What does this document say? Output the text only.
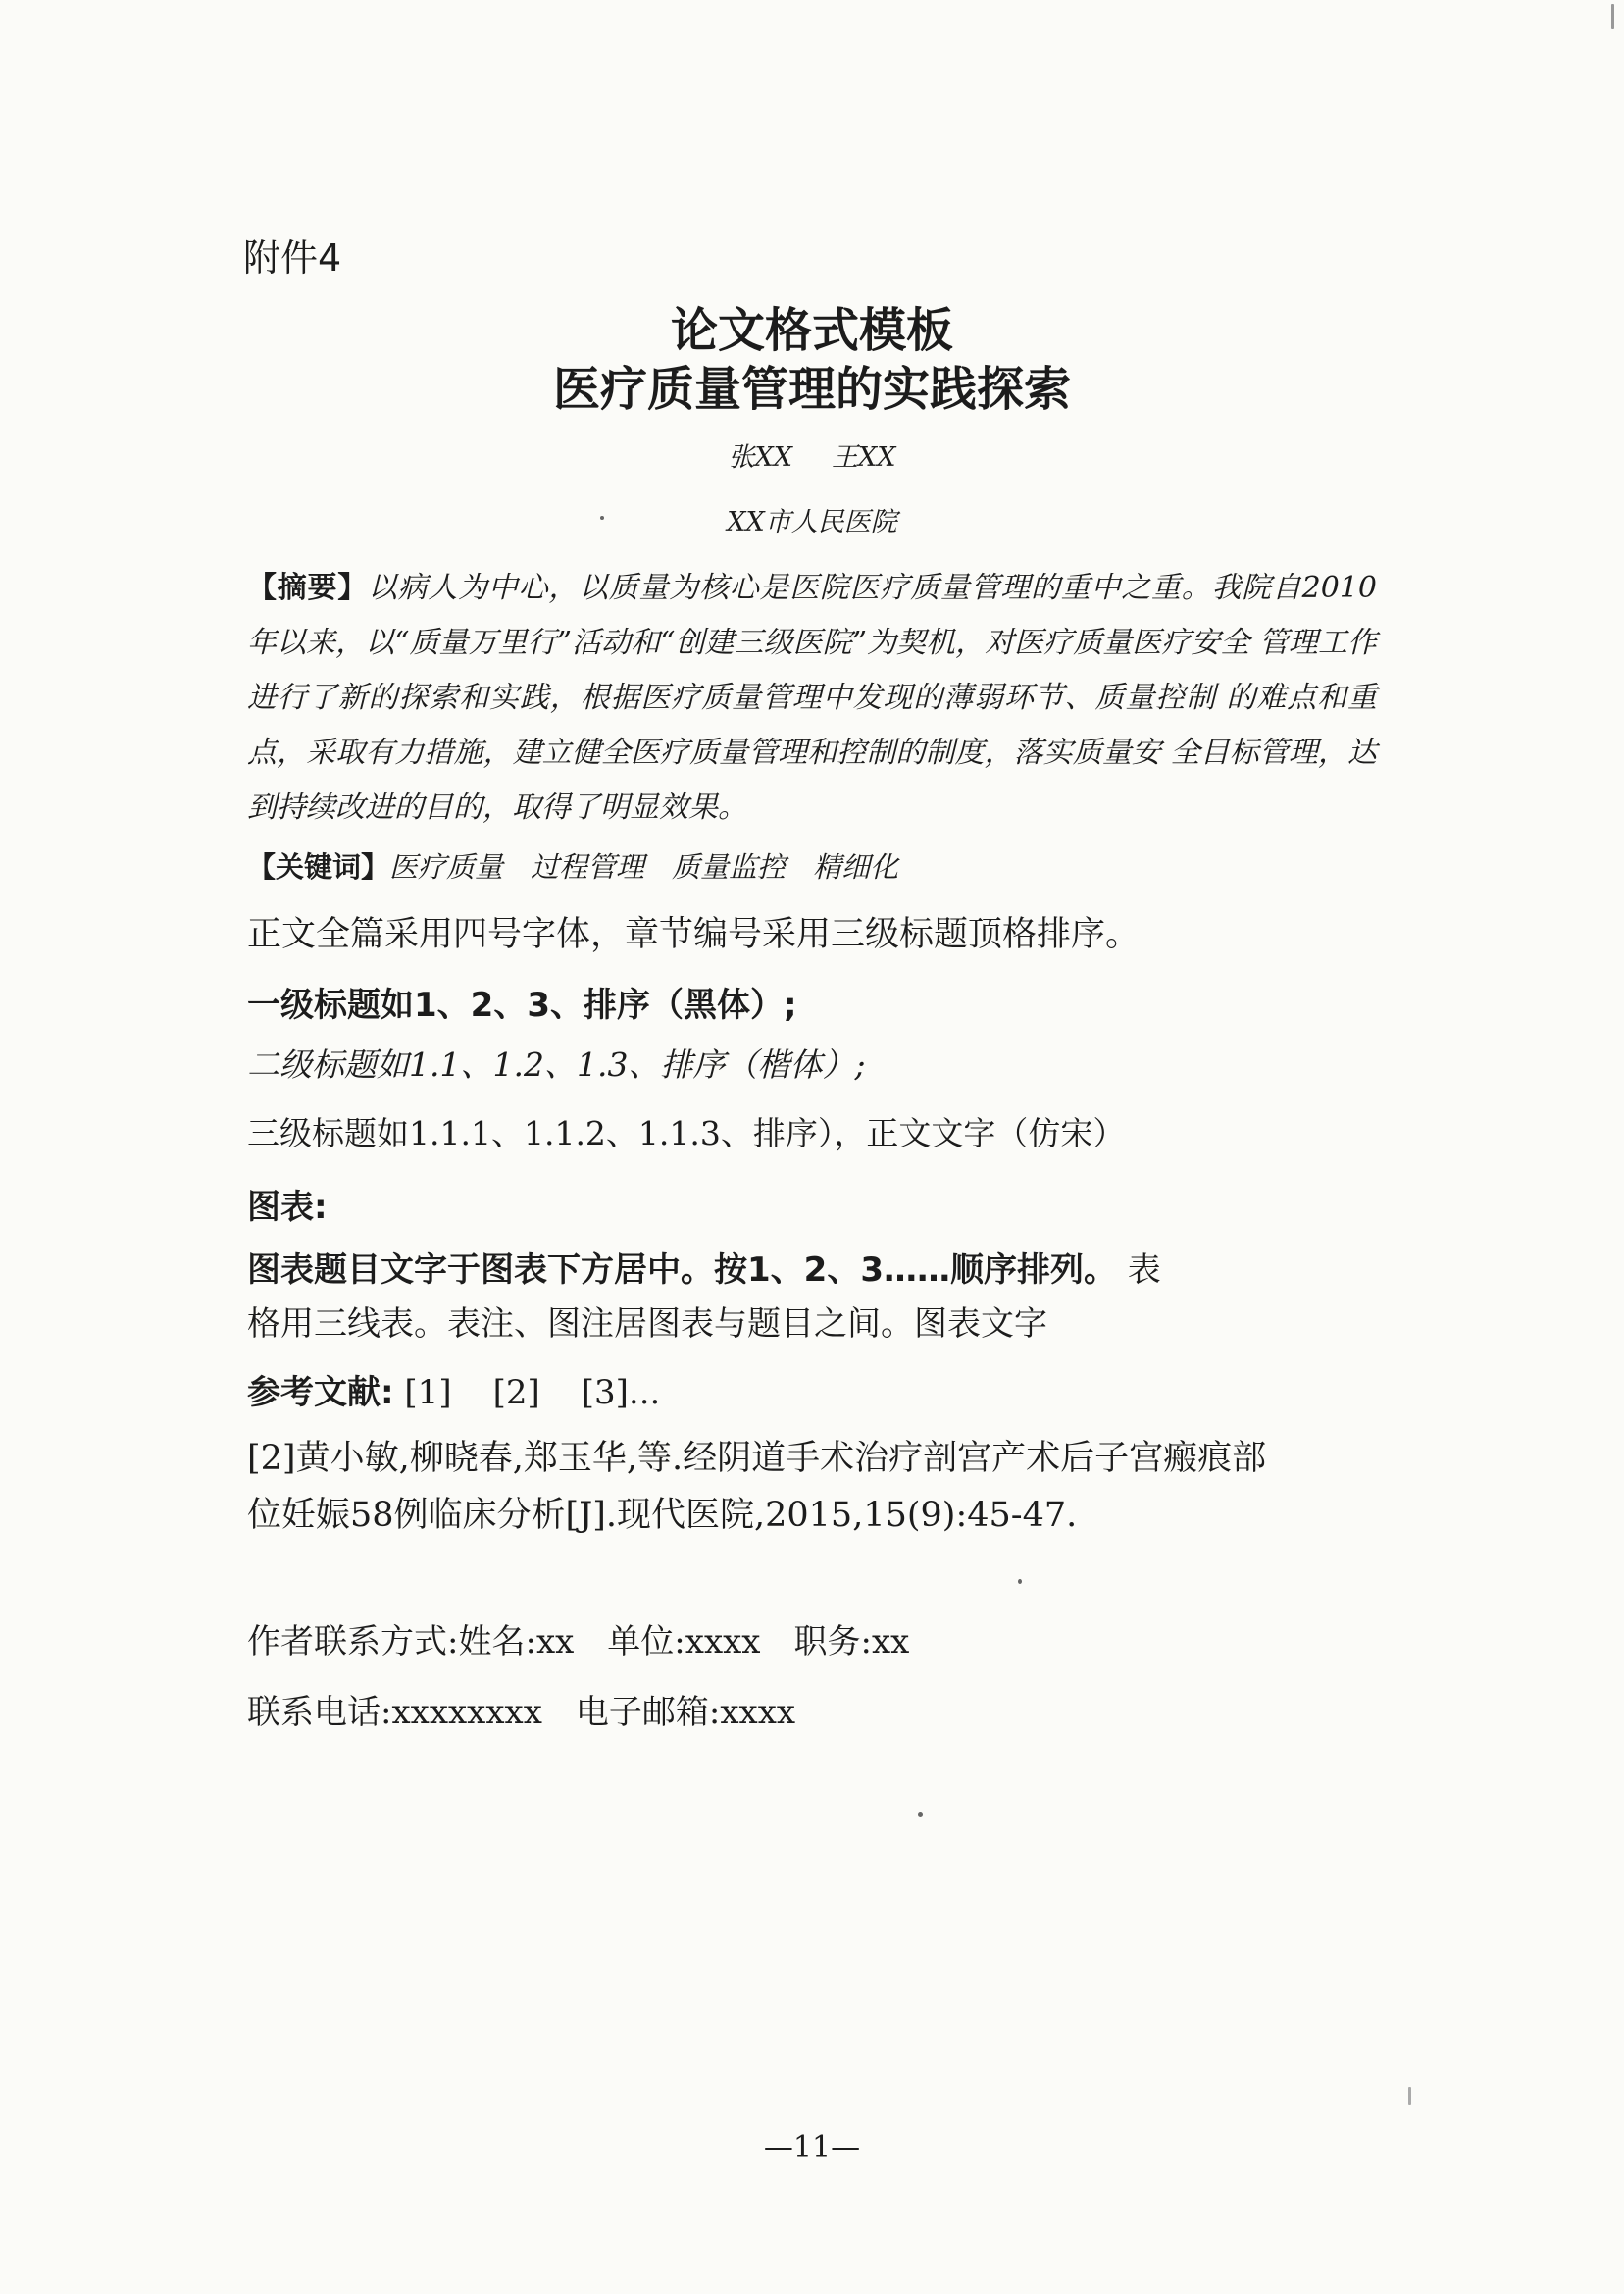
附件4
论文格式模板
医疗质量管理的实践探索
张XX 王XX
XX市人民医院
【摘要】以病人为中心，以质量为核心是医院医疗质量管理的重中之重。我院自2010 年以来，以“质量万里行”活动和“创建三级医院”为契机，对医疗质量医疗安全 管理工作进行了新的探索和实践，根据医疗质量管理中发现的薄弱环节、质量控制 的难点和重点，采取有力措施，建立健全医疗质量管理和控制的制度，落实质量安 全目标管理，达到持续改进的目的，取得了明显效果。
【关键词】医疗质量 过程管理 质量监控 精细化
正文全篇采用四号字体，章节编号采用三级标题顶格排序。
一级标题如1、2、3、排序（黑体）;
二级标题如1.1、1.2、1.3、排序（楷体）;
三级标题如1.1.1、1.1.2、1.1.3、排序），正文文字（仿宋）
图表:
图表题目文字于图表下方居中。按1、2、3……顺序排列。 表
格用三线表。表注、图注居图表与题目之间。图表文字
参考文献: [1] [2] [3]...
[2]黄小敏,柳晓春,郑玉华,等.经阴道手术治疗剖宫产术后子宫瘢痕部
位妊娠58例临床分析[J].现代医院,2015,15(9):45-47.
作者联系方式:姓名:xx 单位:xxxx 职务:xx
联系电话:xxxxxxxx 电子邮箱:xxxx
—11—
